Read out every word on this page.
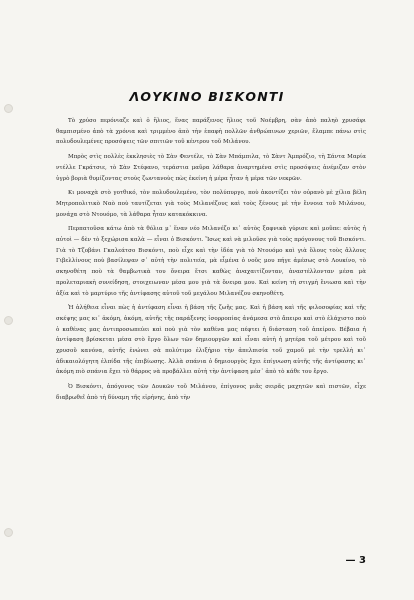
ΛΟΥΚΙΝΟ ΒΙΣΚΟΝΤΙ

Τὸ χρύσο περόνιαζε καὶ ὁ ἥλιος, ἕνας παράξενος ἥλιος τοῦ Νοέμβρη, σὰν ἀπὸ παληὸ χρυσάφι θαμπισμένο ἀπὸ τὰ χρόνια καὶ τριμμένο ἀπὸ τὴν ἐπαφὴ πολλῶν ἀνθρώπινων χεριῶν, ἔλαμπε πάνω στὶς πολυδουλεμένες προσόψεις τῶν σπιτιῶν τοῦ κέντρου τοῦ Μιλάνου.

Μπρὸς στὶς πολλὲς ἐκκλησιὲς τὸ Σὰν Φεντέλε, τὸ Σὰν Μπάμπιλα, τὸ Σὰντ Ἀμπρόζιο, τὴ Σάντα Μαρία ντέλλε Γκράτσιε, τὸ Σὰν Στέφανο, τεράστια μαῦρα λάθαρα ἀναρτημένα στὶς προσόψεις ἀνέμιζαν στὸν ὑγρὸ βοριὰ θυμίζοντας στοὺς ζωντανοὺς πὼς ἐκείνη ἡ μέρα ἦταν ἡ μέρα τῶν νεκρῶν.

Κι μοναχὰ στὸ γοτθικό, τὸν πολυδουλεμένο, τὸν πολύπυργο, ποὺ ἀκοντίζει τὸν οὐρανὸ μὲ χίλια βέλη Μητροπολιτικὸ Ναὸ ποὺ ταυτίζεται γιὰ τοὺς Μιλανέζους καὶ τοὺς ξένους μὲ τὴν ἔννοια τοῦ Μιλάνου, μονάχα στὸ Ντουόμο, τὰ λάθαρα ἦταν κατακόκκινα.

Περπατοῦσα κάτω ἀπὸ τὰ θόλια μ᾿ ἕναν νέο Μιλανέζο κι᾿ αὐτὸς ξαφνικὰ γύρισε καὶ μοῦπε: αὐτὸς ἡ αὐτοὶ — δὲν τὸ ξεχώρισα καλὰ — εἶναι ὁ Βισκόντι. Ἴσως καὶ νὰ μιλοῦσε γιὰ τοὺς πρόγονους τοῦ Βισκόντι. Γιὰ τὸ Τζοβάνι Γκαλεάτσο Βισκόντι, ποὺ εἶχε καὶ τὴν ἰδέα γιὰ τὸ Ντουόμο καὶ γιὰ ὅλους τοὺς ἄλλους Γιβελλίνους ποὺ βασίλεψαν σ᾿ αὐτὴ τὴν πολιτεία, μὰ εἶμένα ὁ νοῦς μου πήγε ἀμέσως στὸ Λουκίνο, τὸ σκηνοθέτη ποὺ τὰ θαμβωτικὰ του ὄνειρα ἔτσι καθὼς ἀναχαιτίζονταν, ἀναστέλλονταν μέσα μὰ προλεταριακὴ συνείδηση, στοιχειωναν μέσα μου γιὰ τὰ ὄνειρα μου. Καὶ κείνη τὴ στιγμὴ ἔνιωσα καὶ τὴν ἀξία καὶ τὸ μαρτύριο τῆς ἀντίφασης αὐτοῦ τοῦ μεγάλου Μιλανέζου σκηνοθέτη.

Ἡ ἀλήθεια εἶναι πὼς ἡ ἀντίφαση εἶναι ἡ βάση τῆς ζωῆς μας. Καὶ ἡ βάση καὶ τῆς φιλοσοφίας καὶ τῆς σκέψης μας κι᾿ ἀκόμη, ἀκόμη, αὐτῆς τῆς παράξενης ἰσορροπίας ἀνάμεσα στὸ ἄπειρο καὶ στὸ ἐλάχιστο ποὺ ὁ καθένας μας ἀντιπροσωπεύει καὶ ποὺ γιὰ τὸν καθένα μας πέφτει ἡ διάσταση τοῦ ἀπείρου. Βέβαια ἡ ἀντίφαση βρίσκεται μέσα στὸ ἔργο ὅλων τῶν δημιουργῶν καὶ εἶναι αὐτὴ ἡ μητέρα τοῦ μέτρου καὶ τοῦ χρυσοῦ κανόνα, αὐτῆς ἑνώνει σὰ πολύτιμο ἐλιξήριο τὴν ἀπελπισία τοῦ χαμοῦ μὲ τὴν τρελλὴ κι᾿ ἀδικαιολόγητη ἐλπίδα τῆς ἐπιβίωσης. Ἀλλὰ σπάνια ὁ δημιουργὸς ἔχει ἐπίγνωση αὐτῆς τῆς ἀντίφασης κι᾿ ἀκόμη πιὸ σπάνια ἔχει τὸ θάρρος νὰ προβάλλει αὐτὴ τὴν ἀντίφαση μέσ᾿ ἀπὸ τὸ κάθε του ἔργο.

Ὁ Βισκόντι, ἀπόγονος τῶν Δουκῶν τοῦ Μιλάνου, ἐπίγονος μιᾶς σειρᾶς μαχητῶν καὶ πιστῶν, εἶχε διαβρωθεῖ ἀπὸ τὴ δύναμη τῆς εἰρήνης, ἀπὸ τὴν

— 3
